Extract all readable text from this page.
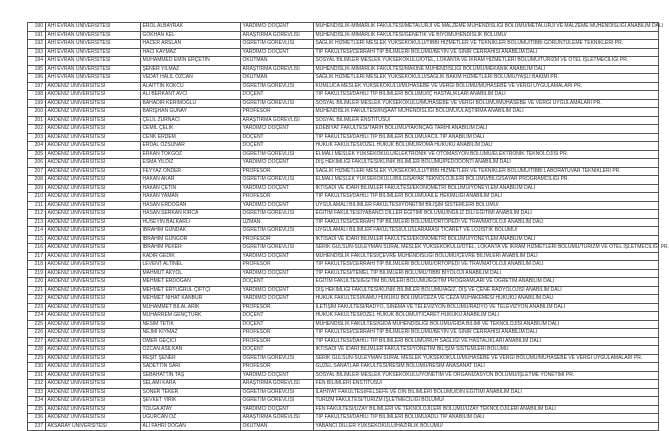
190	AHİ EVRAN ÜNİVERSİTESİ	EROL ALBAYRAK	YARDIMCI DOÇENT	MÜHENDİSLİK-MİMARLIK FAKÜLTESİ/METALURJİ VE MALZEME MÜHENDİSLİĞİ BÖLÜMÜ/METALURJİ VE MALZEME MÜHENDİSLİĞİ ANABİLİM DALI
191	AHİ EVRAN ÜNİVERSİTESİ	GÖKHAN KEL	ARAŞTIRMA GÖREVLİSİ	MÜHENDİSLİK-MİMARLIK FAKÜLTESİ/GENETİK VE BİYOMÜHENDİSLİK BÖLÜMÜ/
192	AHİ EVRAN ÜNİVERSİTESİ	HACER ARSLAN	ÖĞRETİM GÖREVLİSİ	SAĞLIK HİZMETLERİ MESLEK YÜKSEKOKULU/TIBBİ HİZMETLER VE TEKNİKLER BÖLÜMÜ/TIBBİ GÖRÜNTÜLEME TEKNİKLERİ PR.
193	AHİ EVRAN ÜNİVERSİTESİ	HACI KAYMAZ	YARDIMCI DOÇENT	TIP FAKÜLTESİ/CERRAHİ TIP BİLİMLERİ BÖLÜMÜ/BEYİN VE SİNİR CERRAHİSİ ANABİLİM DALI
194	AHİ EVRAN ÜNİVERSİTESİ	MUHAMMED EMİN ERÇETİN	OKUTMAN	SOSYAL BİLİMLER MESLEK YÜKSEKOKULU/OTEL, LOKANTA VE İKRAM HİZMETLERİ BÖLÜMÜ/TURİZM VE OTEL İŞLETMECİLİĞİ PR.
195	AHİ EVRAN ÜNİVERSİTESİ	ŞENER YILMAZ	ARAŞTIRMA GÖREVLİSİ	MÜHENDİSLİK-MİMARLIK FAKÜLTESİ/MAKİNE MÜHENDİSLİĞİ BÖLÜMÜ/MEKANİK ANABİLİM DALI
196	AHİ EVRAN ÜNİVERSİTESİ	VEDAT HALİL ÖZCAN	OKUTMAN	SAĞLIK HİZMETLERİ MESLEK YÜKSEKOKULU/SAĞLIK BAKIM HİZMETLERİ BÖLÜMÜ/YAŞLI BAKIMI PR.
197	AKDENİZ ÜNİVERSİTESİ	ALAİTTİN KOKCU	ÖĞRETİM GÖREVLİSİ	KUMLUCA MESLEK YÜKSEKOKULU/MUHASEBE VE VERGİ BÖLÜMÜ/MUHASEBE VE VERGİ UYGULAMALARI PR.
198	AKDENİZ ÜNİVERSİTESİ	ALİ BERKANT AVCI	DOÇENT	TIP FAKÜLTESİ/DAHİLİ TIP BİLİMLERİ BÖLÜMÜ/İÇ HASTALIKLARI ANABİLİM DALI
199	AKDENİZ ÜNİVERSİTESİ	BAHADIR KERİMOĞLU	ÖĞRETİM GÖREVLİSİ	SOSYAL BİLİMLER MESLEK YÜKSEKOKULU/MUHASEBE VE VERGİ BÖLÜMÜ/MUHASEBE VE VERGİ UYGULAMALARI PR.
200	AKDENİZ ÜNİVERSİTESİ	BARIŞHAN GÜNAY	PROFESÖR	MÜHENDİSLİK FAKÜLTESİ/İNŞAAT MÜHENDİSLİĞİ BÖLÜMÜ/ULAŞTIRMA ANABİLİM DALI
201	AKDENİZ ÜNİVERSİTESİ	ÇELİL ZURNACI	ARAŞTIRMA GÖREVLİSİ	SOSYAL BİLİMLER ENSTİTÜSÜ/
202	AKDENİZ ÜNİVERSİTESİ	CEMİL ÇELİK	YARDIMCI DOÇENT	EDEBİYAT FAKÜLTESİ/TARİH BÖLÜMÜ/YAKINÇAĞ TARİHİ ANABİLİM DALI
203	AKDENİZ ÜNİVERSİTESİ	CENK ERDEM	DOÇENT	TIP FAKÜLTESİ/DAHİLİ TIP BİLİMLERİ BÖLÜMÜ/ACİL TIP ANABİLİM DALI
204	AKDENİZ ÜNİVERSİTESİ	ERDAL ÖZSUNAR	DOÇENT	HUKUK FAKÜLTESİ/ÖZEL HUKUK BÖLÜMÜ/ROMA HUKUKU ANABİLİM DALI
205	AKDENİZ ÜNİVERSİTESİ	ERKAN TOKGÖZ	ÖĞRETİM GÖREVLİSİ	ELMALI MESLEK YÜKSEKOKULU/ELEKTRONİK VE OTOMASYON BÖLÜMÜ/ELEKTRONİK TEKNOLOJİSİ PR.
206	AKDENİZ ÜNİVERSİTESİ	ESMA YILDIZ	YARDIMCI DOÇENT	DİŞ HEKİMLİĞİ FAKÜLTESİ/KLİNİK BİLİMLER BÖLÜMÜ/PEDODONTİ ANABİLİM DALI
207	AKDENİZ ÜNİVERSİTESİ	FEYYAZ ÖNDER	PROFESÖR	SAĞLIK HİZMETLERİ MESLEK YÜKSEKOKULU/TIBBİ HİZMETLER VE TEKNİKLER BÖLÜMÜ/TIBBİ LABORATUVAR TEKNİKLERİ PR.
208	AKDENİZ ÜNİVERSİTESİ	HAKAN AKAR	ÖĞRETİM GÖREVLİSİ	ELMALI MESLEK YÜKSEKOKULU/BİLGİSAYAR TEKNOLOJİLERİ BÖLÜMÜ/BİLGİSAYAR PROGRAMCILIĞI PR.
209	AKDENİZ ÜNİVERSİTESİ	HAKAN ÇETİN	YARDIMCI DOÇENT	İKTİSADİ VE İDARİ BİLİMLER FAKÜLTESİ/EKONOMETRİ BÖLÜMÜ/YÖNEYLEM ANABİLİM DALI
210	AKDENİZ ÜNİVERSİTESİ	HAKAN YAMAN	PROFESÖR	TIP FAKÜLTESİ/DAHİLİ TIP BİLİMLERİ BÖLÜMÜ/AİLE HEKİMLİĞİ ANABİLİM DALI
211	AKDENİZ ÜNİVERSİTESİ	HASAN ERDOĞAN	YARDIMCI DOÇENT	UYGULAMALI BİLİMLER FAKÜLTESİ/YÖNETİM BİLİŞİM SİSTEMLERİ BÖLÜMÜ/
212	AKDENİZ ÜNİVERSİTESİ	HASAN SERKAN KIRCA	ÖĞRETİM GÖREVLİSİ	EĞİTİM FAKÜLTESİ/YABANCI DİLLER EĞİTİMİ BÖLÜMÜ/İNGİLİZ DİLİ EĞİTİMİ ANABİLİM DALI
213	AKDENİZ ÜNİVERSİTESİ	HÜSEYİN BALKARLI	UZMAN	TIP FAKÜLTESİ/CERRAHİ TIP BİLİMLERİ BÖLÜMÜ/ORTOPEDİ VE TRAVMATOLOJİ ANABİLİM DALI
214	AKDENİZ ÜNİVERSİTESİ	İBRAHİM GÜNDAK	ÖĞRETİM GÖREVLİSİ	UYGULAMALI BİLİMLER FAKÜLTESİ/ULUSLARARASI TİCARET VE LOJİSTİK BÖLÜMÜ/
215	AKDENİZ ÜNİVERSİTESİ	İBRAHİM GÜNGÖR	PROFESÖR	İKTİSADİ VE İDARİ BİLİMLER FAKÜLTESİ/EKONOMETRİ BÖLÜMÜ/YÖNEYLEM ANABİLİM DALI
216	AKDENİZ ÜNİVERSİTESİ	İBRAHİM PEKER	ÖĞRETİM GÖREVLİSİ	SERİK GÜLSÜN-SÜLEYMAN SÜRAL MESLEK YÜKSEKOKULU/OTEL, LOKANTA VE İKRAM HİZMETLERİ BÖLÜMÜ/TURİZM VE OTEL İŞLETMECİLİĞİ PR.
217	AKDENİZ ÜNİVERSİTESİ	KADİR GEDİK	YARDIMCI DOÇENT	MÜHENDİSLİK FAKÜLTESİ/ÇEVRE MÜHENDİSLİĞİ BÖLÜMÜ/ÇEVRE BİLİMLERİ ANABİLİM DALI
218	AKDENİZ ÜNİVERSİTESİ	LEVENT ALTINEL	PROFESÖR	TIP FAKÜLTESİ/CERRAHİ TIP BİLİMLERİ BÖLÜMÜ/ORTOPEDİ VE TRAVMATOLOJİ ANABİLİM DALI
219	AKDENİZ ÜNİVERSİTESİ	MAHMUT AKYOL	YARDIMCI DOÇENT	TIP FAKÜLTESİ/TEMEL TIP BİLİMLERİ BÖLÜMÜ/TIBBİ BİYOLOJİ ANABİLİM DALI
220	AKDENİZ ÜNİVERSİTESİ	MEHMET ERDOĞAN	DOÇENT	EĞİTİM FAKÜLTESİ/EĞİTİM BİLİMLERİ BÖLÜMÜ/EĞİTİM PROGRAMLARI VE ÖĞRETİM ANABİLİM DALI
221	AKDENİZ ÜNİVERSİTESİ	MEHMET ERTUĞRUL ÇİFTÇİ	YARDIMCI DOÇENT	DİŞ HEKİMLİĞİ FAKÜLTESİ/KLİNİK BİLİMLER BÖLÜMÜ/AĞIZ, DİŞ VE ÇENE RADYOLOJİSİ ANABİLİM DALI
222	AKDENİZ ÜNİVERSİTESİ	MEHMET NİHAT KANBUR	YARDIMCI DOÇENT	HUKUK FAKÜLTESİ/KAMU HUKUKU BÖLÜMÜ/CEZA VE CEZA MUHAKEMESİ HUKUKU ANABİLİM DALI
223	AKDENİZ ÜNİVERSİTESİ	MUHAMMET BİLAL ARIK	PROFESÖR	İLETİŞİM FAKÜLTESİ/RADYO, SİNEMA VE TELEVİZYON BÖLÜMÜ/RADYO VE TELEVİZYON ANABİLİM DALI
224	AKDENİZ ÜNİVERSİTESİ	MUHARREM GENÇTÜRK	DOÇENT	HUKUK FAKÜLTESİ/ÖZEL HUKUK BÖLÜMÜ/TİCARET HUKUKU ANABİLİM DALI
225	AKDENİZ ÜNİVERSİTESİ	NESİM TETİK	DOÇENT	MÜHENDİSLİK FAKÜLTESİ/GIDA MÜHENDİSLİĞİ BÖLÜMÜ/GIDA BİLİMİ VE TEKNOLOJİSİ ANABİLİM DALI
226	AKDENİZ ÜNİVERSİTESİ	NEJMİ KIYMAZ	PROFESÖR	TIP FAKÜLTESİ/CERRAHİ TIP BİLİMLERİ BÖLÜMÜ/BEYİN VE SİNİR CERRAHİSİ ANABİLİM DALI
227	AKDENİZ ÜNİVERSİTESİ	ÖMER GEÇİCİ	PROFESÖR	TIP FAKÜLTESİ/DAHİLİ TIP BİLİMLERİ BÖLÜMÜ/RUH SAĞLIĞI VE HASTALIKLARI ANABİLİM DALI
228	AKDENİZ ÜNİVERSİTESİ	ÖZCAN ASILKAN	DOÇENT	İKTİSADİ VE İDARİ BİLİMLER FAKÜLTESİ/YÖNETİM BİLİŞİM SİSTEMLERİ BÖLÜMÜ
229	AKDENİZ ÜNİVERSİTESİ	REŞİT ŞENER	ÖĞRETİM GÖREVLİSİ	SERİK GÜLSÜN-SÜLEYMAN SÜRAL MESLEK YÜKSEKOKULU/MUHASEBE VE VERGİ BÖLÜMÜ/MUHASEBE VE VERGİ UYGULAMALARI PR.
230	AKDENİZ ÜNİVERSİTESİ	SADETTİN SARI	PROFESÖR	GÜZEL SANATLAR FAKÜLTESİ/RESİM BÖLÜMÜ/RESİM ANASANAT DALI
231	AKDENİZ ÜNİVERSİTESİ	SEBAHATTİN TAŞ	YARDIMCI DOÇENT	SOSYAL BİLİMLER MESLEK YÜKSEKOKULU/YÖNETİM VE ORGANİZASYON BÖLÜMÜ/İŞLETME YÖNETİMİ PR.
232	AKDENİZ ÜNİVERSİTESİ	SELAMİ KARA	ARAŞTIRMA GÖREVLİSİ	FEN BİLİMLERİ ENSTİTÜSÜ/
233	AKDENİZ ÜNİVERSİTESİ	SONER TEKER	ÖĞRETİM GÖREVLİSİ	İLAHİYAT FAKÜLTESİ/FELSEFE VE DİN BİLİMLERİ BÖLÜMÜ/DİN EĞİTİMİ ANABİLİM DALI
234	AKDENİZ ÜNİVERSİTESİ	ŞEVKET YİRİK	ÖĞRETİM GÖREVLİSİ	TURİZM FAKÜLTESİ/TURİZM İŞLETMECİLİĞİ BÖLÜMÜ/
235	AKDENİZ ÜNİVERSİTESİ	TOLGA ATAY	YARDIMCI DOÇENT	FEN FAKÜLTESİ/UZAY BİLİMLERİ VE TEKNOLOJİLERİ BÖLÜMÜ/UZAY TEKNOLOJİLERİ ANABİLİM DALI
236	AKDENİZ ÜNİVERSİTESİ	UĞURCAN ÖZ	ARAŞTIRMA GÖREVLİSİ	TIP FAKÜLTESİ/DAHİLİ TIP BİLİMLERİ BÖLÜMÜ/ADLİ TIP ANABİLİM DALI
237	AKSARAY ÜNİVERSİTESİ	ALİ FAHRİ DOĞAN	OKUTMAN	YABANCI DİLLER YÜKSEKOKULU/HAZIRLIK BÖLÜMÜ/
